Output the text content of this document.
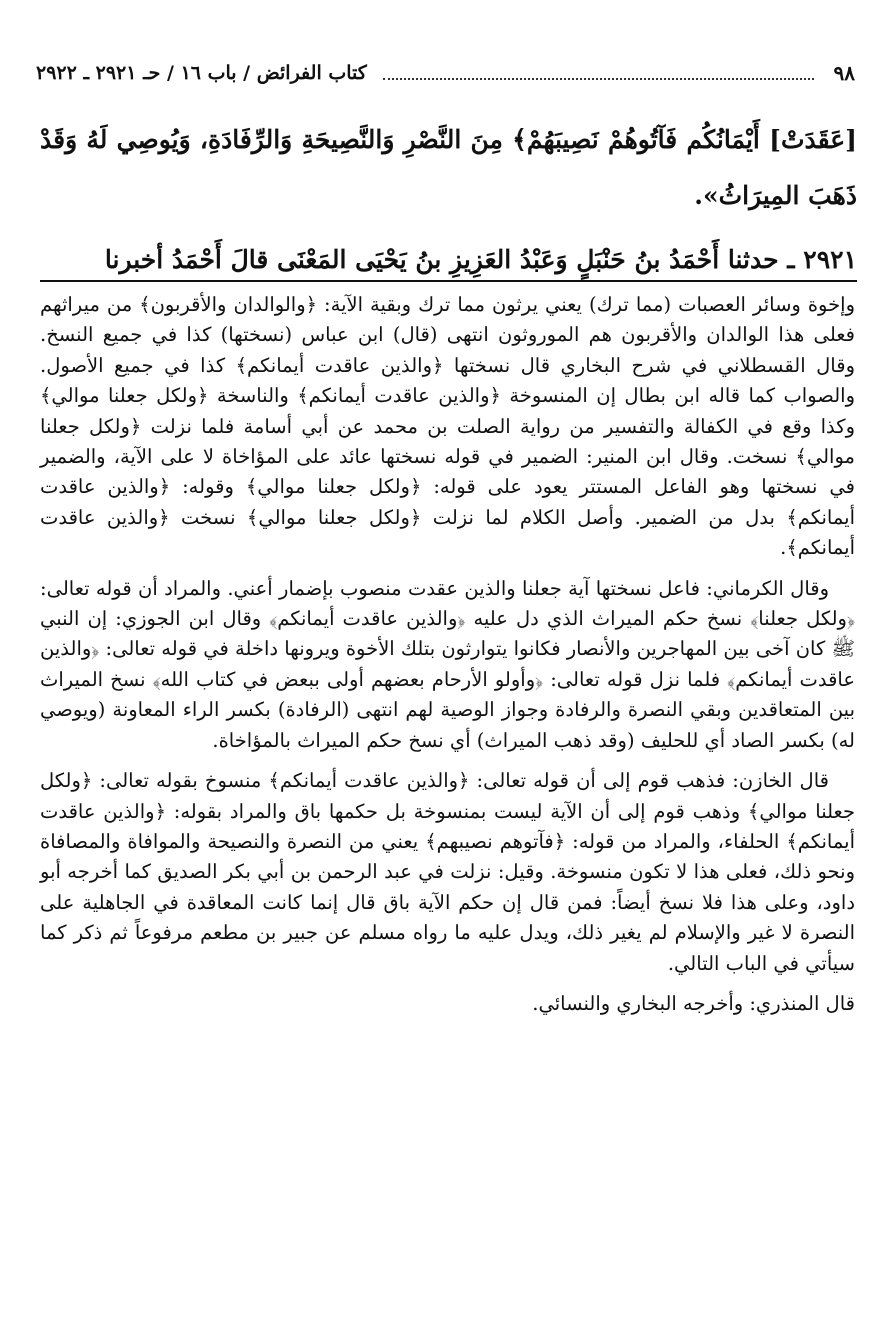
٩٨
كتاب الفرائض / باب ١٦ / حـ ٢٩٢١ ـ ٢٩٢٢

[عَقَدَتْ] أَيْمَانُكُم فَآتُوهُمْ نَصِيبَهُمْ﴾ مِنَ النَّصْرِ وَالنَّصِيحَةِ وَالرِّفَادَةِ، وَيُوصِي لَهُ وَقَدْ ذَهَبَ المِيرَاثُ».

٢٩٢١ ـ حدثنا أَحْمَدُ بنُ حَنْبَلٍ وَعَبْدُ العَزِيزِ بنُ يَحْيَى المَعْنَى قالَ أَحْمَدُ أخبرنا

وإخوة وسائر العصبات (مما ترك) يعني يرثون مما ترك وبقية الآية: ﴿والوالدان والأقربون﴾ من ميراثهم فعلى هذا الوالدان والأقربون هم الموروثون انتهى (قال) ابن عباس (نسختها) كذا في جميع النسخ. وقال القسطلاني في شرح البخاري قال نسختها ﴿والذين عاقدت أيمانكم﴾ كذا في جميع الأصول. والصواب كما قاله ابن بطال إن المنسوخة ﴿والذين عاقدت أيمانكم﴾ والناسخة ﴿ولكل جعلنا موالي﴾ وكذا وقع في الكفالة والتفسير من رواية الصلت بن محمد عن أبي أسامة فلما نزلت ﴿ولكل جعلنا موالي﴾ نسخت. وقال ابن المنير: الضمير في قوله نسختها عائد على المؤاخاة لا على الآية، والضمير في نسختها وهو الفاعل المستتر يعود على قوله: ﴿ولكل جعلنا موالي﴾ وقوله: ﴿والذين عاقدت أيمانكم﴾ بدل من الضمير. وأصل الكلام لما نزلت ﴿ولكل جعلنا موالي﴾ نسخت ﴿والذين عاقدت أيمانكم﴾.

وقال الكرماني: فاعل نسختها آية جعلنا والذين عقدت منصوب بإضمار أعني. والمراد أن قوله تعالى: ﴿ولكل جعلنا﴾ نسخ حكم الميراث الذي دل عليه ﴿والذين عاقدت أيمانكم﴾ وقال ابن الجوزي: إن النبي ﷺ كان آخى بين المهاجرين والأنصار فكانوا يتوارثون بتلك الأخوة ويرونها داخلة في قوله تعالى: ﴿والذين عاقدت أيمانكم﴾ فلما نزل قوله تعالى: ﴿وأولو الأرحام بعضهم أولى ببعض في كتاب الله﴾ نسخ الميراث بين المتعاقدين وبقي النصرة والرفادة وجواز الوصية لهم انتهى (الرفادة) بكسر الراء المعاونة (ويوصي له) بكسر الصاد أي للحليف (وقد ذهب الميراث) أي نسخ حكم الميراث بالمؤاخاة.

قال الخازن: فذهب قوم إلى أن قوله تعالى: ﴿والذين عاقدت أيمانكم﴾ منسوخ بقوله تعالى: ﴿ولكل جعلنا موالي﴾ وذهب قوم إلى أن الآية ليست بمنسوخة بل حكمها باق والمراد بقوله: ﴿والذين عاقدت أيمانكم﴾ الحلفاء، والمراد من قوله: ﴿فآتوهم نصيبهم﴾ يعني من النصرة والنصيحة والموافاة والمصافاة ونحو ذلك، فعلى هذا لا تكون منسوخة. وقيل: نزلت في عبد الرحمن بن أبي بكر الصديق كما أخرجه أبو داود، وعلى هذا فلا نسخ أيضاً: فمن قال إن حكم الآية باق قال إنما كانت المعاقدة في الجاهلية على النصرة لا غير والإسلام لم يغير ذلك، ويدل عليه ما رواه مسلم عن جبير بن مطعم مرفوعاً ثم ذكر كما سيأتي في الباب التالي.

قال المنذري: وأخرجه البخاري والنسائي.
